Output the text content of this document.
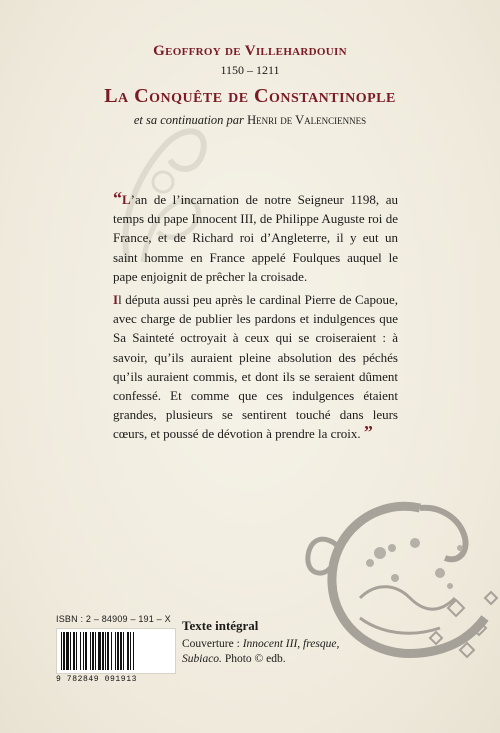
Geoffroy de Villehardouin
1150 – 1211
La Conquête de Constantinople
et sa continuation par Henri de Valenciennes

“L’an de l’incarnation de notre Seigneur 1198, au temps du pape Innocent III, de Philippe Auguste roi de France, et de Richard roi d’Angleterre, il y eut un saint homme en France appelé Foulques auquel le pape enjoignit de prêcher la croisade.

Il députa aussi peu après le cardinal Pierre de Capoue, avec charge de publier les pardons et indulgences que Sa Sainteté octroyait à ceux qui se croiseraient : à savoir, qu’ils auraient pleine absolution des péchés qu’ils auraient commis, et dont ils se seraient dûment confessé. Et comme que ces indulgences étaient grandes, plusieurs se sentirent touché dans leurs cœurs, et poussé de dévotion à prendre la croix. ”

ISBN : 2 – 84909 – 191 – X
9 782849 091913
Texte intégral
Couverture : Innocent III, fresque, Subiaco. Photo © edb.
